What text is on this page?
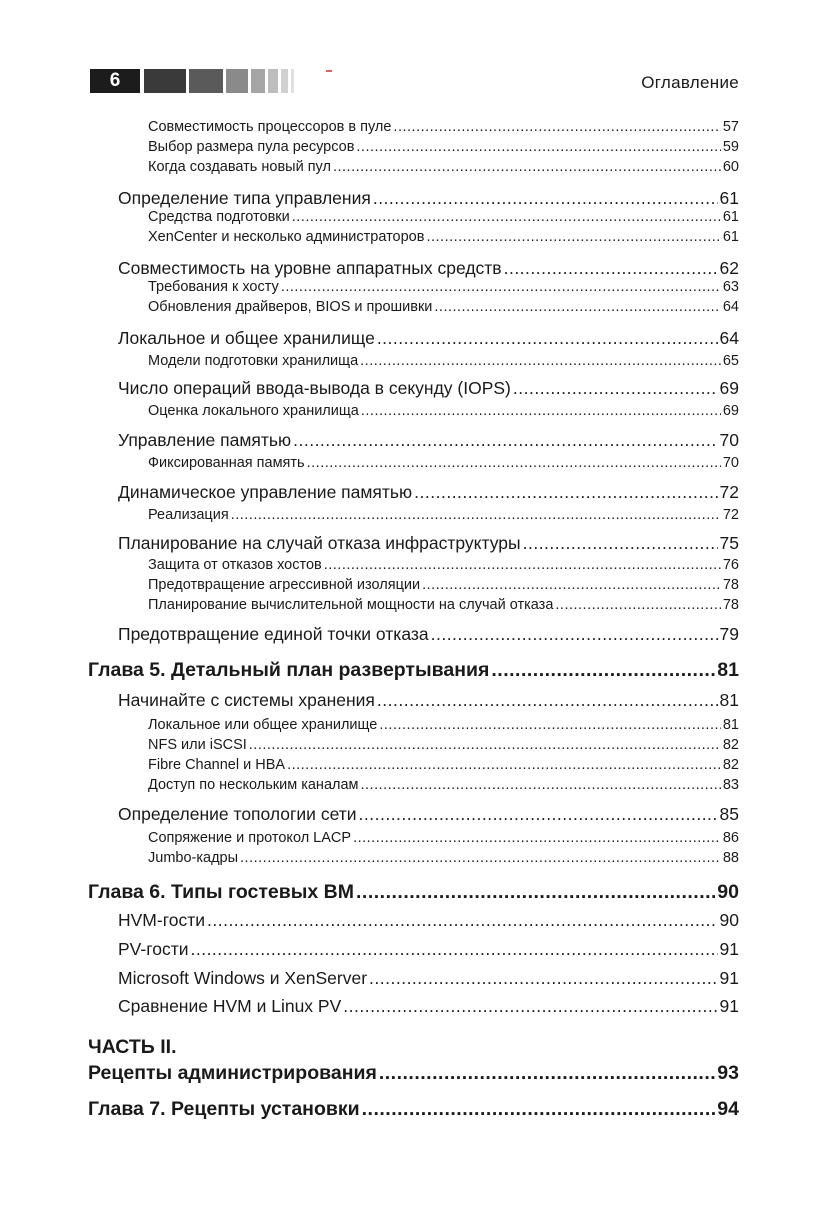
6	Оглавление
ЧАСТЬ II.
Совместимость процессоров в пуле .....	57
Выбор размера пула ресурсов .....	59
Когда создавать новый пул .....	60
Определение типа управления .....	61
Средства подготовки .....	61
XenCenter и несколько администраторов .....	61
Совместимость на уровне аппаратных средств .....	62
Требования к хосту .....	63
Обновления драйверов, BIOS и прошивки .....	64
Локальное и общее хранилище .....	64
Модели подготовки хранилища .....	65
Число операций ввода-вывода в секунду (IOPS) .....	69
Оценка локального хранилища .....	69
Управление памятью .....	70
Фиксированная память .....	70
Динамическое управление памятью .....	72
Реализация .....	72
Планирование на случай отказа инфраструктуры .....	75
Защита от отказов хостов .....	76
Предотвращение агрессивной изоляции .....	78
Планирование вычислительной мощности на случай отказа .....	78
Предотвращение единой точки отказа .....	79
Глава 5. Детальный план развертывания .....	81
Начинайте с системы хранения .....	81
Локальное или общее хранилище .....	81
NFS или iSCSI .....	82
Fibre Channel и HBA .....	82
Доступ по нескольким каналам .....	83
Определение топологии сети .....	85
Сопряжение и протокол LACP .....	86
Jumbo-кадры .....	88
Глава 6. Типы гостевых ВМ .....	90
HVM-гости .....	90
PV-гости .....	91
Microsoft Windows и XenServer .....	91
Сравнение HVM и Linux PV .....	91
Рецепты администрирования .....	93
Глава 7. Рецепты установки .....	94
